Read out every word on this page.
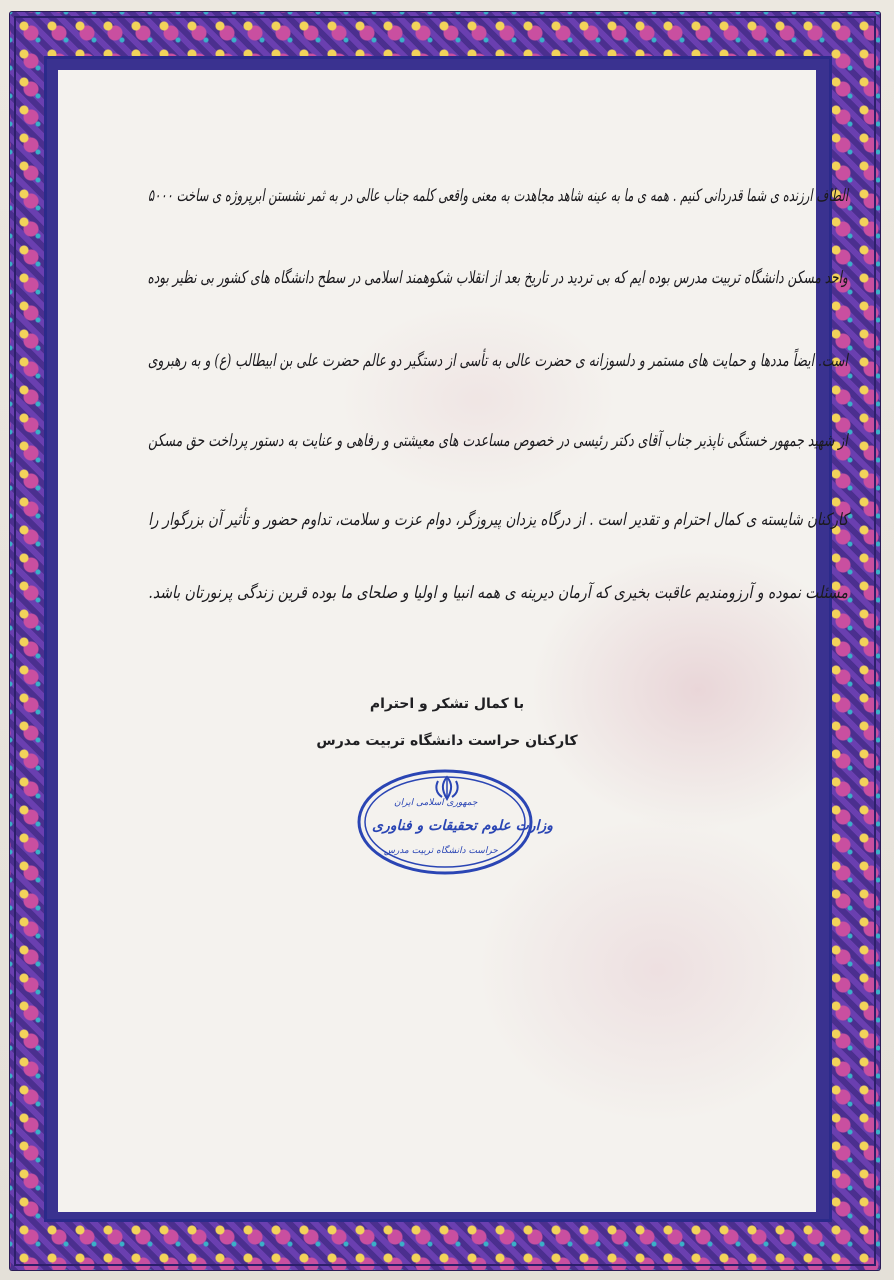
الطاف ارزنده ی شما قدردانی کنیم . همه ی ما به عینه شاهد مجاهدت به معنی واقعی کلمه جناب عالی در به ثمر نشستن ابرپروژه ی ساخت ۵۰۰۰
واحد مسکن دانشگاه تربیت مدرس بوده ایم که بی تردید در تاریخ بعد از انقلاب شکوهمند اسلامی در سطح دانشگاه های کشور بی نظیر بوده
است. ایضاً مددها و حمایت های مستمر و دلسوزانه ی حضرت عالی به تأسی از دستگیر دو عالم حضرت علی بن ابیطالب (ع) و به رهبروی
از شهید جمهور خستگی ناپذیر جناب آقای دکتر رئیسی در خصوص مساعدت های معیشتی و رفاهی و عنایت به دستور پرداخت حق مسکن
کارکنان شایسته ی کمال احترام و تقدیر است . از درگاه یزدان پیروزگر، دوام عزت و سلامت، تداوم حضور و تأثیر آن بزرگوار را
مسئلت نموده و آرزومندیم عاقبت بخیری که آرمان دیرینه ی همه انبیا و اولیا و صلحای ما بوده قرین زندگی پرنورتان باشد.
با کمال تشکر و احترام
کارکنان حراست دانشگاه تربیت مدرس
جمهوری اسلامی ایران
وزارت علوم تحقیقات و فناوری
حراست دانشگاه تربیت مدرس
